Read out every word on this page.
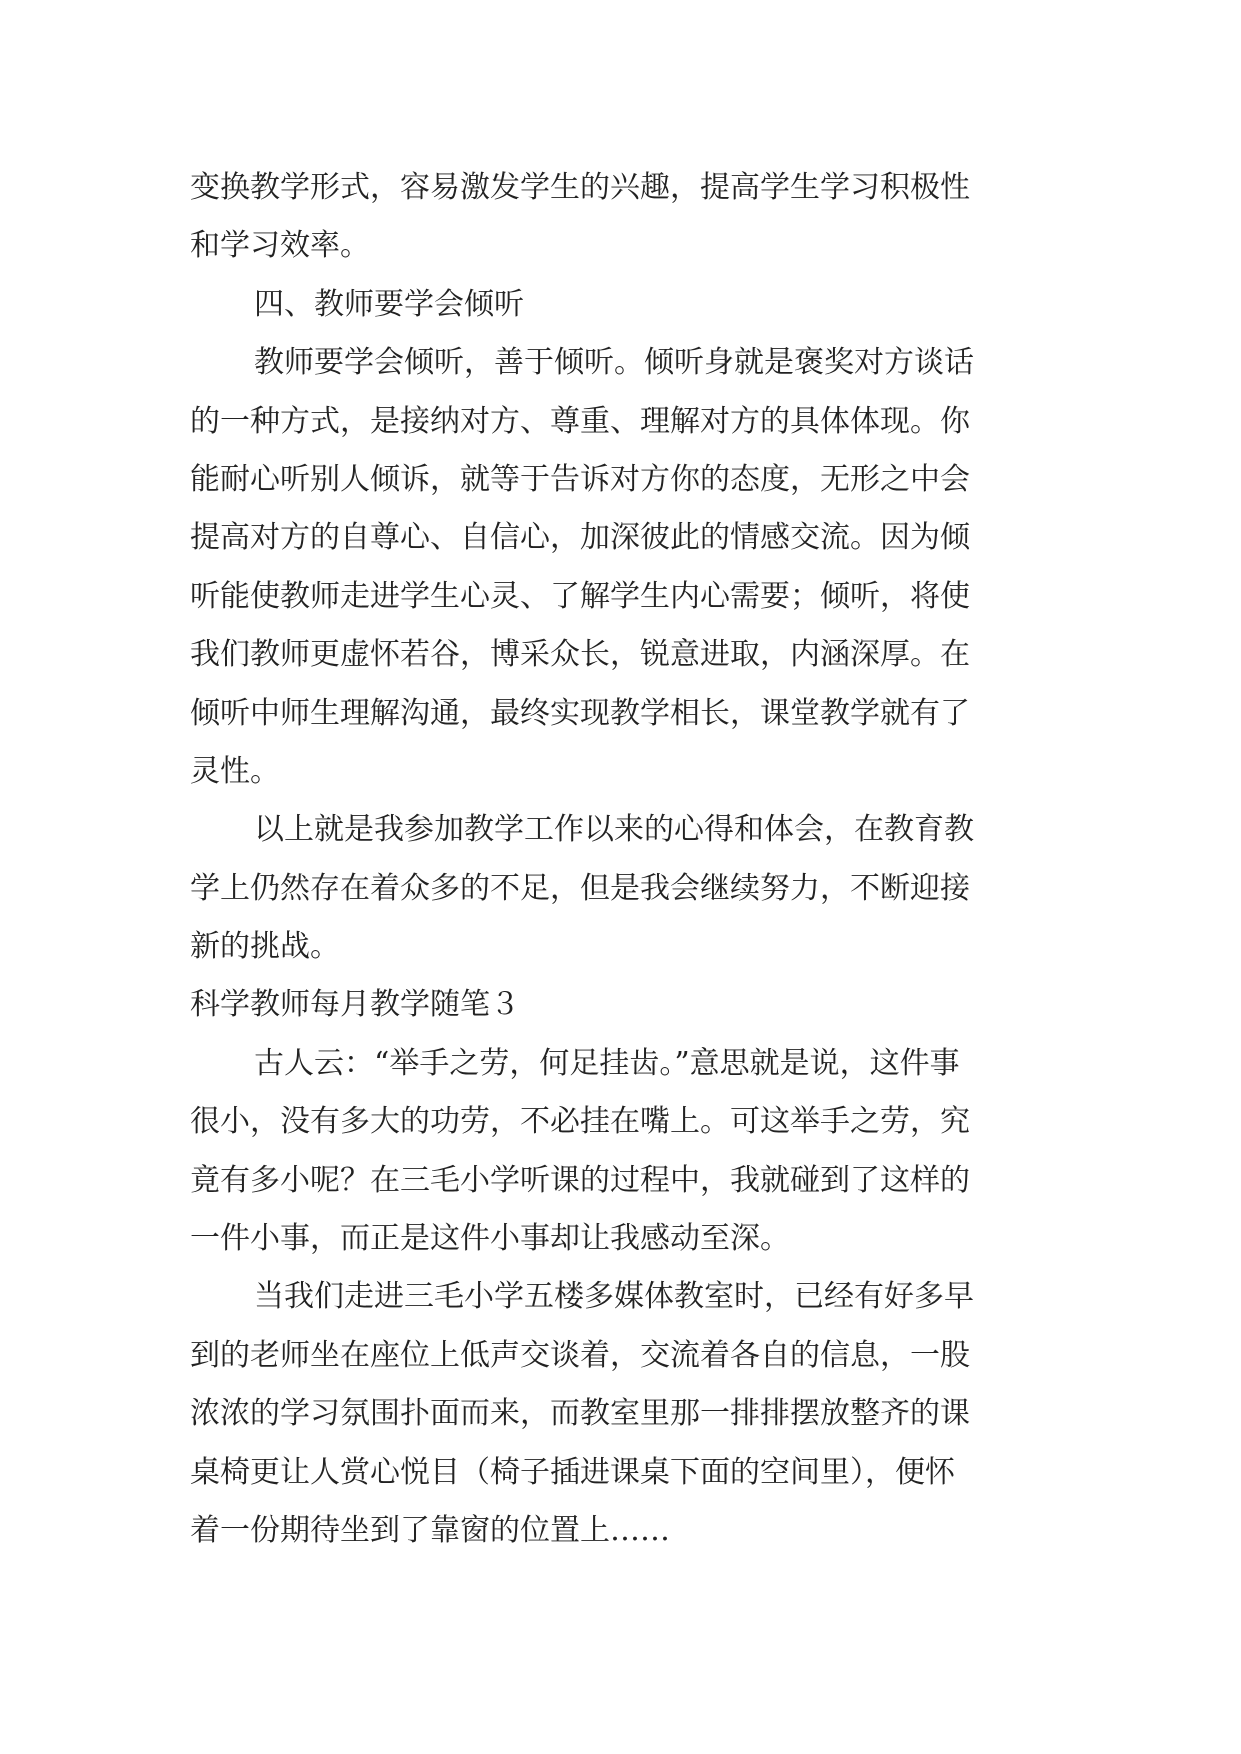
变换教学形式，容易激发学生的兴趣，提高学生学习积极性
和学习效率。
四、教师要学会倾听
教师要学会倾听，善于倾听。倾听身就是褒奖对方谈话
的一种方式，是接纳对方、尊重、理解对方的具体体现。你
能耐心听别人倾诉，就等于告诉对方你的态度，无形之中会
提高对方的自尊心、自信心，加深彼此的情感交流。因为倾
听能使教师走进学生心灵、了解学生内心需要；倾听，将使
我们教师更虚怀若谷，博采众长，锐意进取，内涵深厚。在
倾听中师生理解沟通，最终实现教学相长，课堂教学就有了
灵性。
以上就是我参加教学工作以来的心得和体会，在教育教
学上仍然存在着众多的不足，但是我会继续努力，不断迎接
新的挑战。
科学教师每月教学随笔３
古人云：“举手之劳，何足挂齿。”意思就是说，这件事
很小，没有多大的功劳，不必挂在嘴上。可这举手之劳，究
竟有多小呢？在三毛小学听课的过程中，我就碰到了这样的
一件小事，而正是这件小事却让我感动至深。
当我们走进三毛小学五楼多媒体教室时，已经有好多早
到的老师坐在座位上低声交谈着，交流着各自的信息，一股
浓浓的学习氛围扑面而来，而教室里那一排排摆放整齐的课
桌椅更让人赏心悦目（椅子插进课桌下面的空间里），便怀
着一份期待坐到了靠窗的位置上……
